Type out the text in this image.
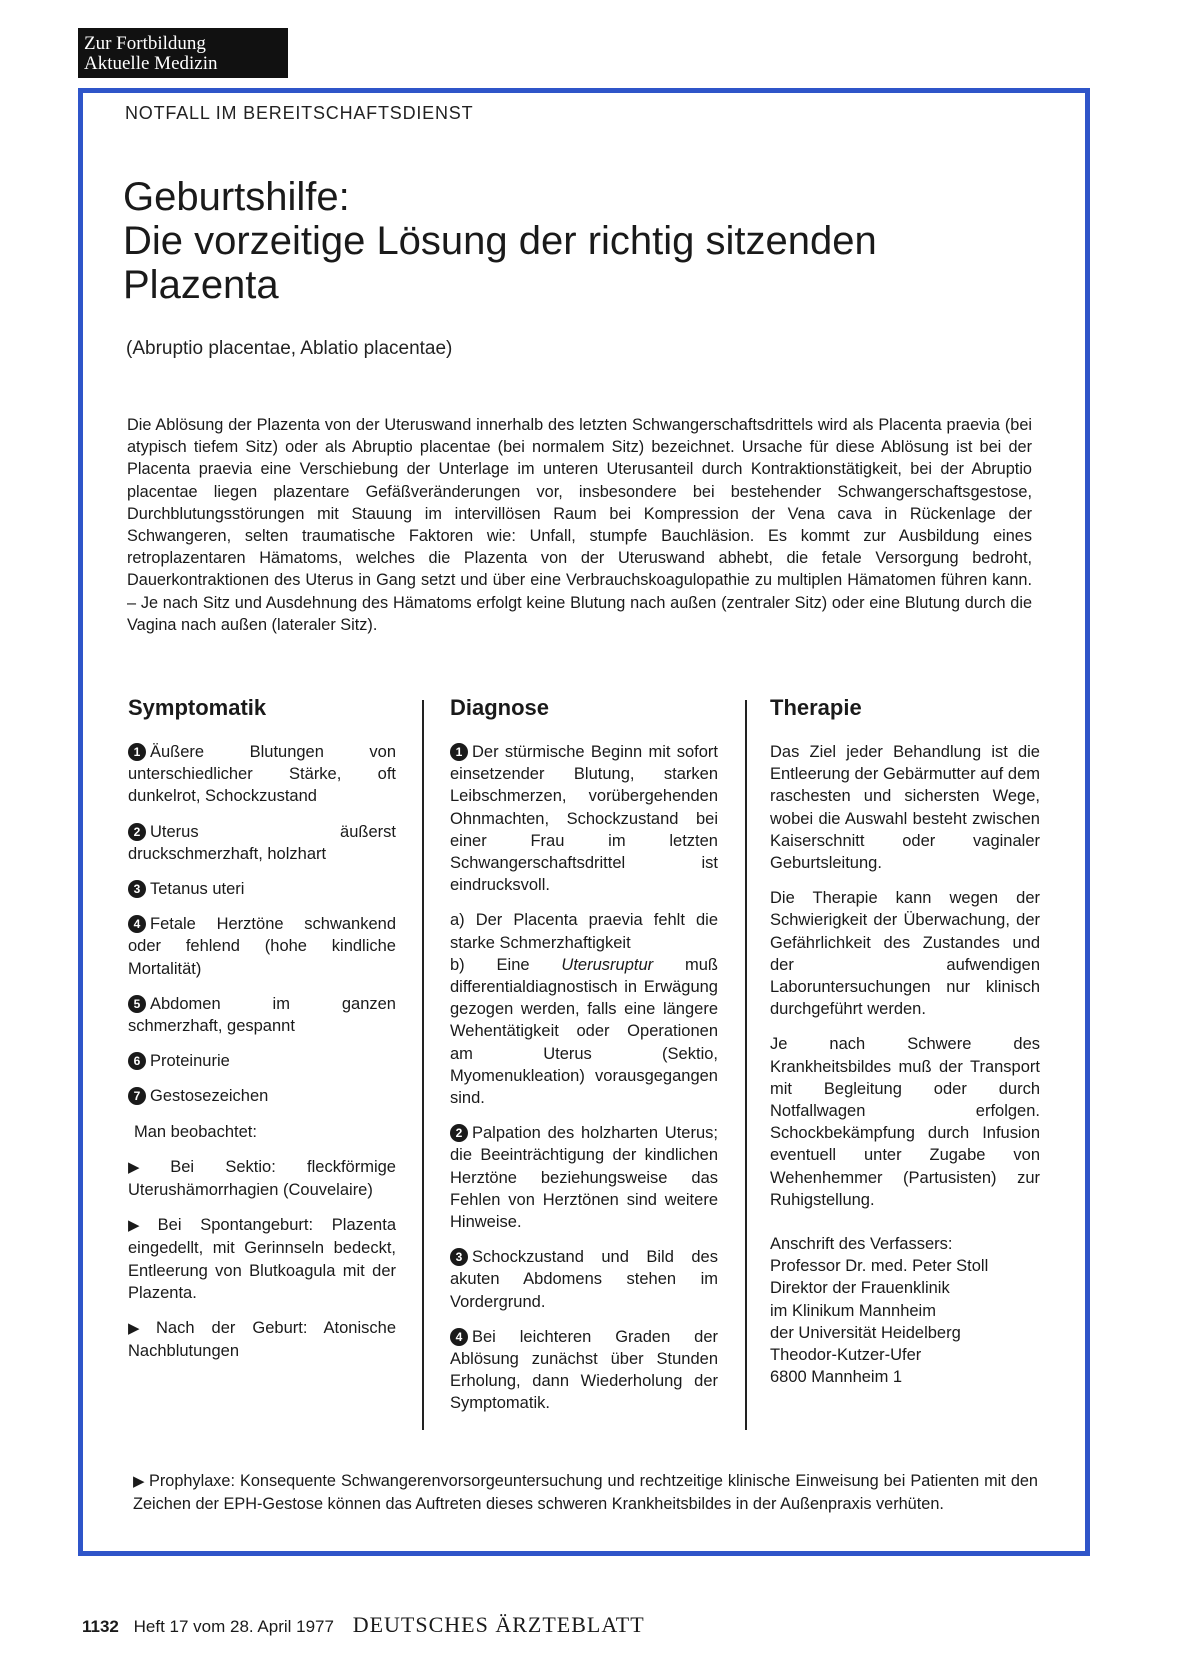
Zur Fortbildung
Aktuelle Medizin
NOTFALL IM BEREITSCHAFTSDIENST
Geburtshilfe:
Die vorzeitige Lösung der richtig sitzenden
Plazenta
(Abruptio placentae, Ablatio placentae)

Die Ablösung der Plazenta von der Uteruswand innerhalb des letzten Schwangerschaftsdrittels wird als Placenta praevia (bei atypisch tiefem Sitz) oder als Abruptio placentae (bei normalem Sitz) bezeichnet. Ursache für diese Ablösung ist bei der Placenta praevia eine Verschiebung der Unterlage im unteren Uterusanteil durch Kontraktionstätigkeit, bei der Abruptio placentae liegen plazentare Gefäßveränderungen vor, insbesondere bei bestehender Schwangerschaftsgestose, Durchblutungsstörungen mit Stauung im intervillösen Raum bei Kompression der Vena cava in Rückenlage der Schwangeren, selten traumatische Faktoren wie: Unfall, stumpfe Bauchläsion. Es kommt zur Ausbildung eines retroplazentaren Hämatoms, welches die Plazenta von der Uteruswand abhebt, die fetale Versorgung bedroht, Dauerkontraktionen des Uterus in Gang setzt und über eine Verbrauchskoagulopathie zu multiplen Hämatomen führen kann. – Je nach Sitz und Ausdehnung des Hämatoms erfolgt keine Blutung nach außen (zentraler Sitz) oder eine Blutung durch die Vagina nach außen (lateraler Sitz).

Symptomatik

1 Äußere Blutungen von unterschiedlicher Stärke, oft dunkelrot, Schockzustand

2 Uterus äußerst druckschmerzhaft, holzhart

3 Tetanus uteri

4 Fetale Herztöne schwankend oder fehlend (hohe kindliche Mortalität)

5 Abdomen im ganzen schmerzhaft, gespannt

6 Proteinurie

7 Gestosezeichen

Man beobachtet:

▶ Bei Sektio: fleckförmige Uterushämorrhagien (Couvelaire)

▶ Bei Spontangeburt: Plazenta eingedellt, mit Gerinnseln bedeckt, Entleerung von Blutkoagula mit der Plazenta.

▶ Nach der Geburt: Atonische Nachblutungen

Diagnose

1 Der stürmische Beginn mit sofort einsetzender Blutung, starken Leibschmerzen, vorübergehenden Ohnmachten, Schockzustand bei einer Frau im letzten Schwangerschaftsdrittel ist eindrucksvoll.

a) Der Placenta praevia fehlt die starke Schmerzhaftigkeit
b) Eine Uterusruptur muß differentialdiagnostisch in Erwägung gezogen werden, falls eine längere Wehentätigkeit oder Operationen am Uterus (Sektio, Myomenukleation) vorausgegangen sind.

2 Palpation des holzharten Uterus; die Beeinträchtigung der kindlichen Herztöne beziehungsweise das Fehlen von Herztönen sind weitere Hinweise.

3 Schockzustand und Bild des akuten Abdomens stehen im Vordergrund.

4 Bei leichteren Graden der Ablösung zunächst über Stunden Erholung, dann Wiederholung der Symptomatik.

Therapie

Das Ziel jeder Behandlung ist die Entleerung der Gebärmutter auf dem raschesten und sichersten Wege, wobei die Auswahl besteht zwischen Kaiserschnitt oder vaginaler Geburtsleitung.

Die Therapie kann wegen der Schwierigkeit der Überwachung, der Gefährlichkeit des Zustandes und der aufwendigen Laboruntersuchungen nur klinisch durchgeführt werden.

Je nach Schwere des Krankheitsbildes muß der Transport mit Begleitung oder durch Notfallwagen erfolgen. Schockbekämpfung durch Infusion eventuell unter Zugabe von Wehenhemmer (Partusisten) zur Ruhigstellung.

Anschrift des Verfassers:

Professor Dr. med. Peter Stoll

Direktor der Frauenklinik

im Klinikum Mannheim

der Universität Heidelberg

Theodor-Kutzer-Ufer

6800 Mannheim 1

▶ Prophylaxe: Konsequente Schwangerenvorsorgeuntersuchung und rechtzeitige klinische Einweisung bei Patienten mit den Zeichen der EPH-Gestose können das Auftreten dieses schweren Krankheitsbildes in der Außenpraxis verhüten.

1132 Heft 17 vom 28. April 1977 DEUTSCHES ÄRZTEBLATT
